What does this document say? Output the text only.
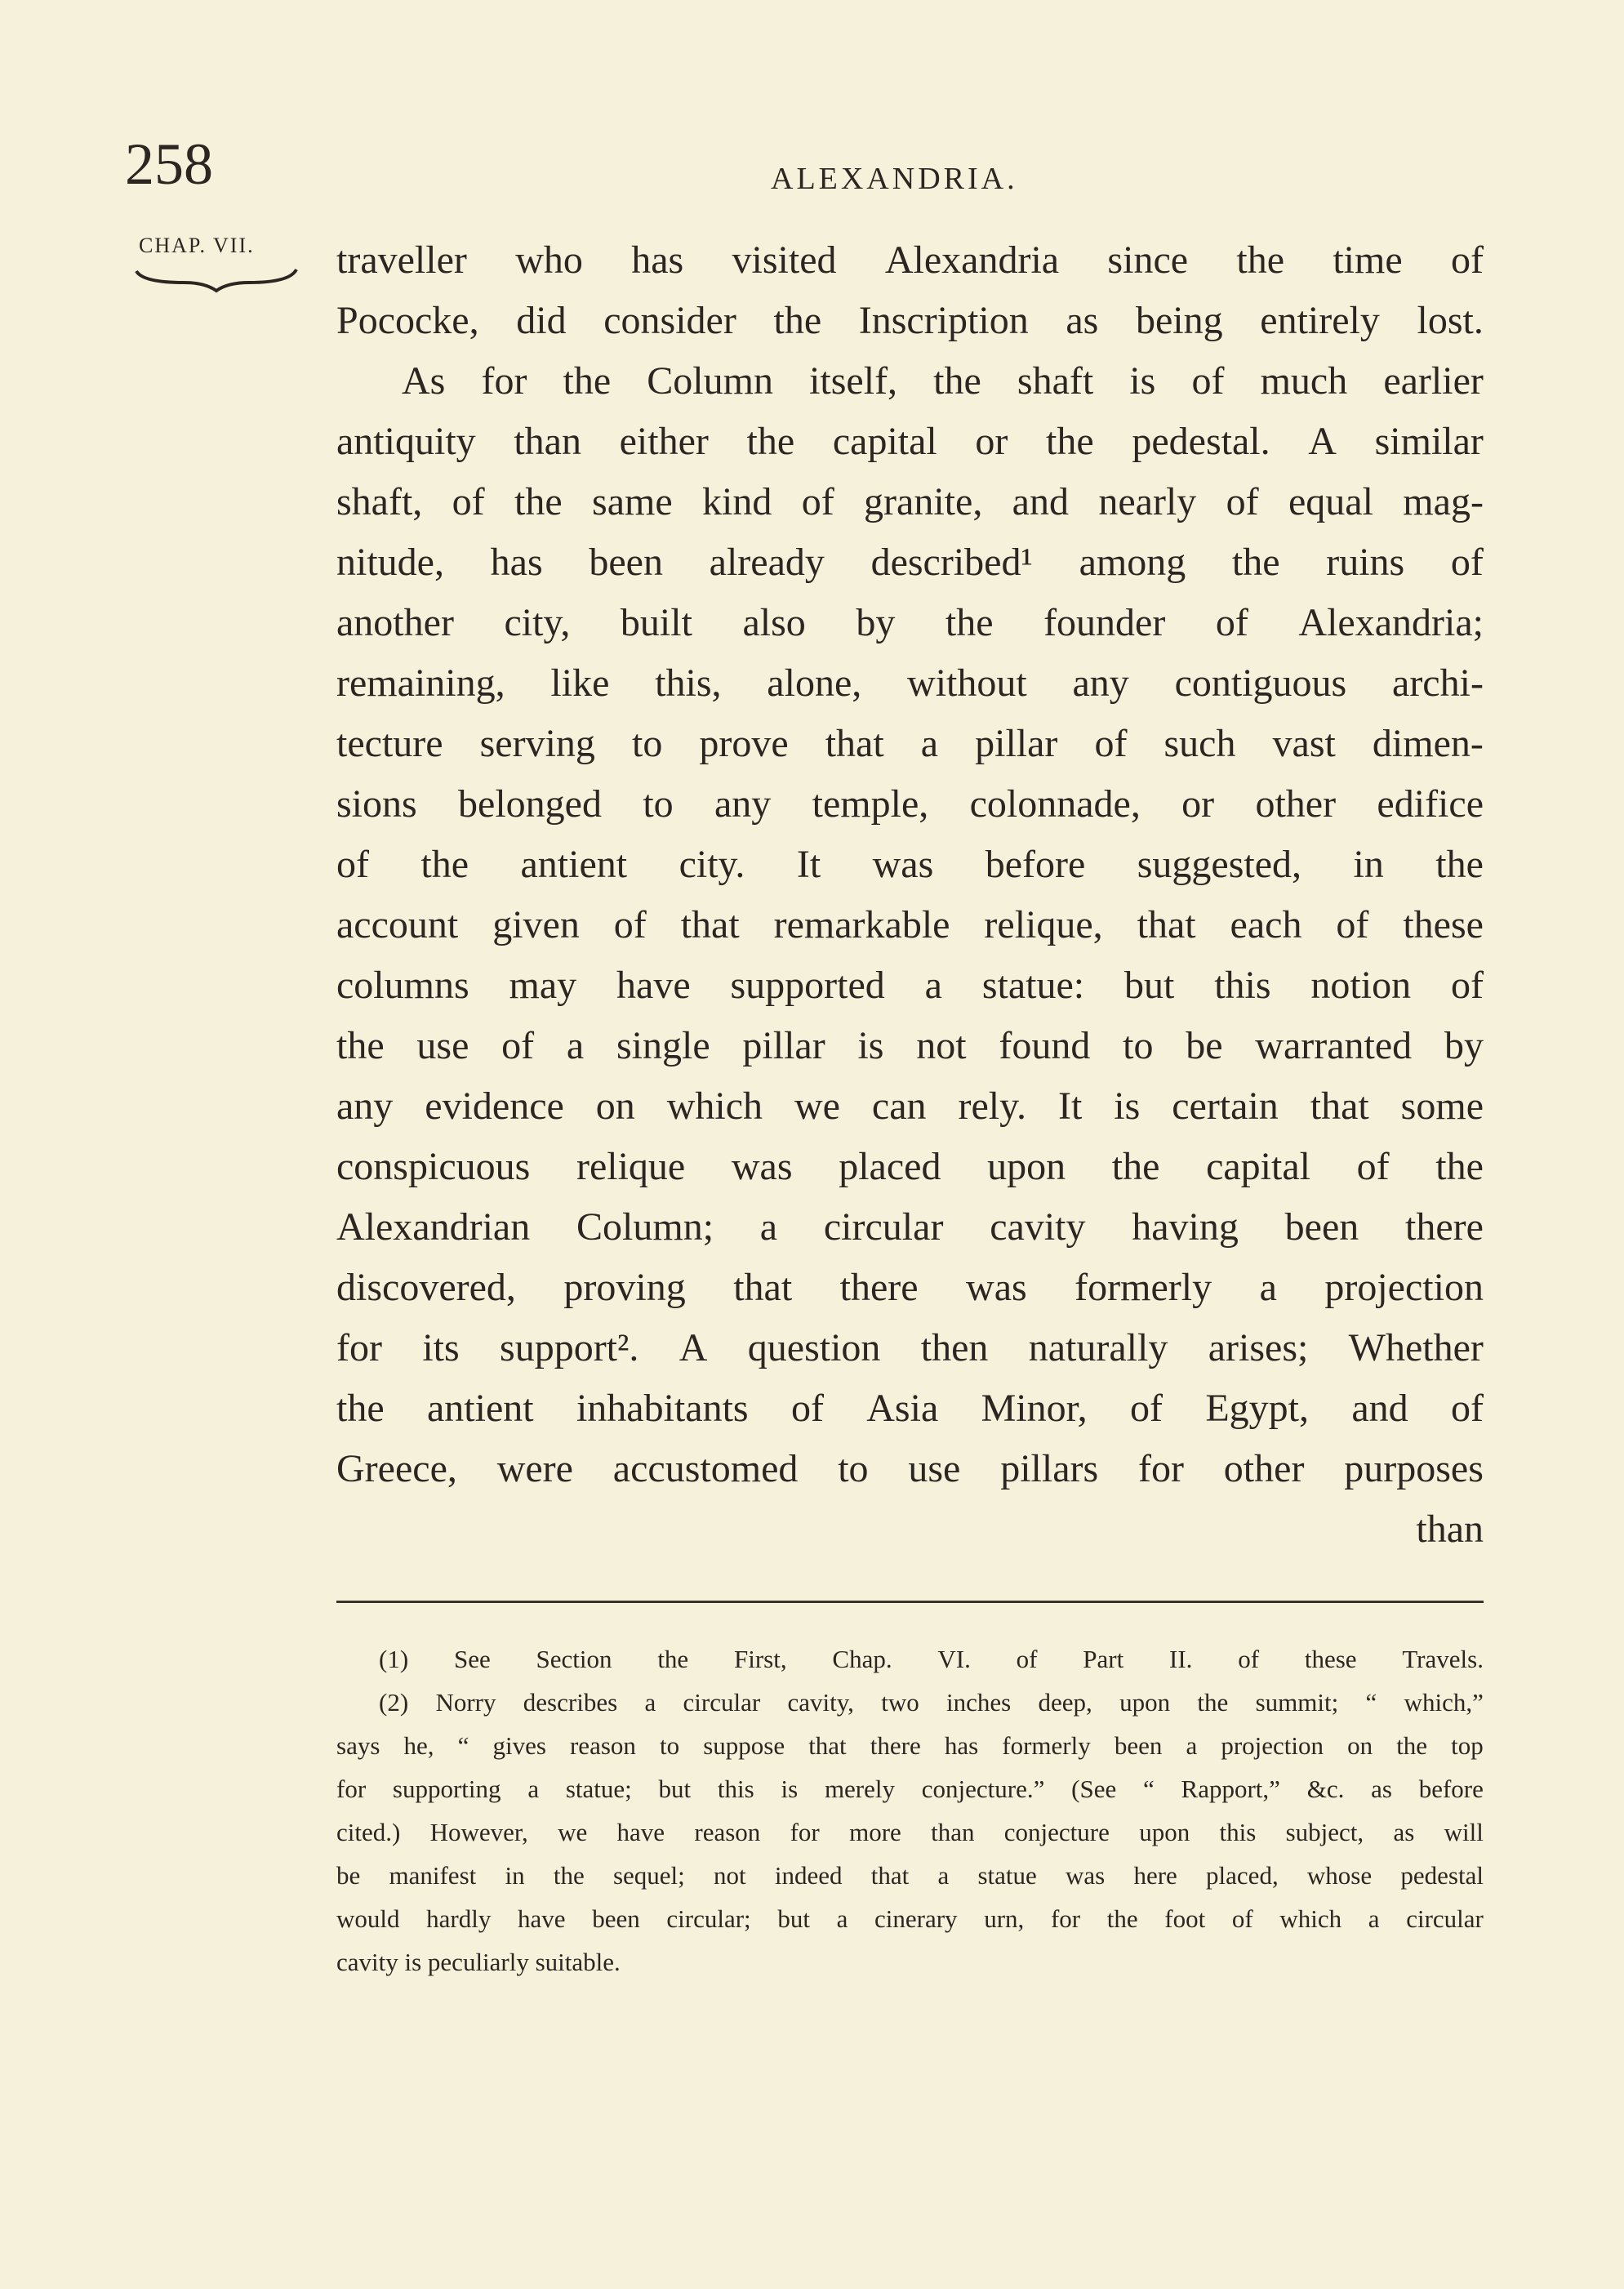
258	ALEXANDRIA.
CHAP. VII. traveller who has visited Alexandria since the time of
Pococke, did consider the Inscription as being entirely lost.
As for the Column itself, the shaft is of much earlier
antiquity than either the capital or the pedestal. A similar
shaft, of the same kind of granite, and nearly of equal mag-
nitude, has been already described¹ among the ruins of
another city, built also by the founder of Alexandria;
remaining, like this, alone, without any contiguous archi-
tecture serving to prove that a pillar of such vast dimen-
sions belonged to any temple, colonnade, or other edifice
of the antient city. It was before suggested, in the
account given of that remarkable relique, that each of these
columns may have supported a statue: but this notion of
the use of a single pillar is not found to be warranted by
any evidence on which we can rely. It is certain that some
conspicuous relique was placed upon the capital of the
Alexandrian Column; a circular cavity having been there
discovered, proving that there was formerly a projection
for its support². A question then naturally arises; Whether
the antient inhabitants of Asia Minor, of Egypt, and of
Greece, were accustomed to use pillars for other purposes
than
(1) See Section the First, Chap. VI. of Part II. of these Travels.
(2) Norry describes a circular cavity, two inches deep, upon the summit; “ which,”
says he, “ gives reason to suppose that there has formerly been a projection on the top
for supporting a statue; but this is merely conjecture.” (See “ Rapport,” &c. as before
cited.) However, we have reason for more than conjecture upon this subject, as will
be manifest in the sequel; not indeed that a statue was here placed, whose pedestal
would hardly have been circular; but a cinerary urn, for the foot of which a circular
cavity is peculiarly suitable.
